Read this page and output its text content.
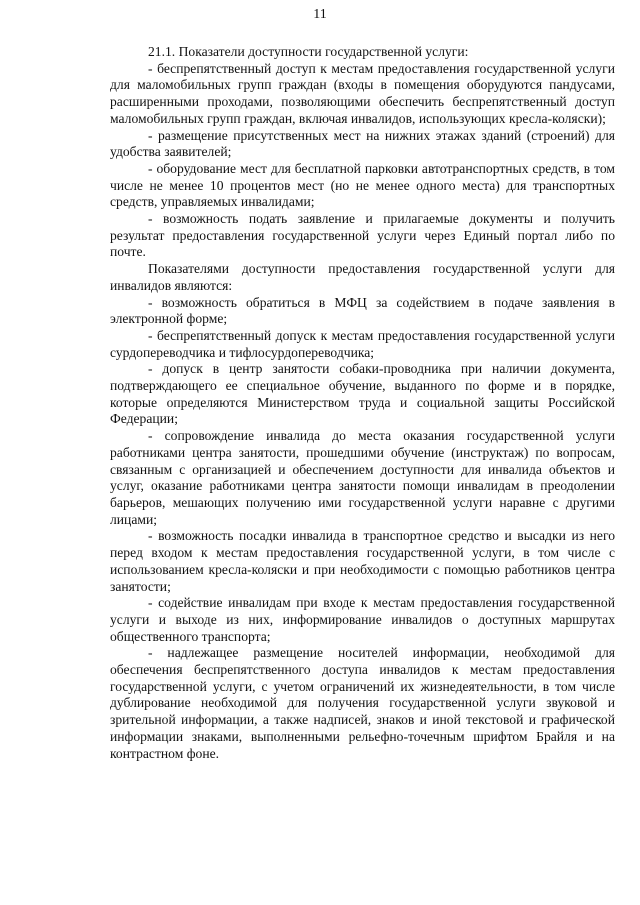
11

21.1. Показатели доступности государственной услуги:

- беспрепятственный доступ к местам предоставления государственной услуги для маломобильных групп граждан (входы в помещения оборудуются пандусами, расширенными проходами, позволяющими обеспечить беспрепятственный доступ маломобильных групп граждан, включая инвалидов, использующих кресла-коляски);

- размещение присутственных мест на нижних этажах зданий (строений) для удобства заявителей;

- оборудование мест для бесплатной парковки автотранспортных средств, в том числе не менее 10 процентов мест (но не менее одного места) для транспортных средств, управляемых инвалидами;

- возможность подать заявление и прилагаемые документы и получить результат предоставления государственной услуги через Единый портал либо по почте.

Показателями доступности предоставления государственной услуги для инвалидов являются:

- возможность обратиться в МФЦ за содействием в подаче заявления в электронной форме;

- беспрепятственный допуск к местам предоставления государственной услуги сурдопереводчика и тифлосурдопереводчика;

- допуск в центр занятости собаки-проводника при наличии документа, подтверждающего ее специальное обучение, выданного по форме и в порядке, которые определяются Министерством труда и социальной защиты Российской Федерации;

- сопровождение инвалида до места оказания государственной услуги работниками центра занятости, прошедшими обучение (инструктаж) по вопросам, связанным с организацией и обеспечением доступности для инвалида объектов и услуг, оказание работниками центра занятости помощи инвалидам в преодолении барьеров, мешающих получению ими государственной услуги наравне с другими лицами;

- возможность посадки инвалида в транспортное средство и высадки из него перед входом к местам предоставления государственной услуги, в том числе с использованием кресла-коляски и при необходимости с помощью работников центра занятости;

- содействие инвалидам при входе к местам предоставления государственной услуги и выходе из них, информирование инвалидов о доступных маршрутах общественного транспорта;

- надлежащее размещение носителей информации, необходимой для обеспечения беспрепятственного доступа инвалидов к местам предоставления государственной услуги, с учетом ограничений их жизнедеятельности, в том числе дублирование необходимой для получения государственной услуги звуковой и зрительной информации, а также надписей, знаков и иной текстовой и графической информации знаками, выполненными рельефно-точечным шрифтом Брайля и на контрастном фоне.
